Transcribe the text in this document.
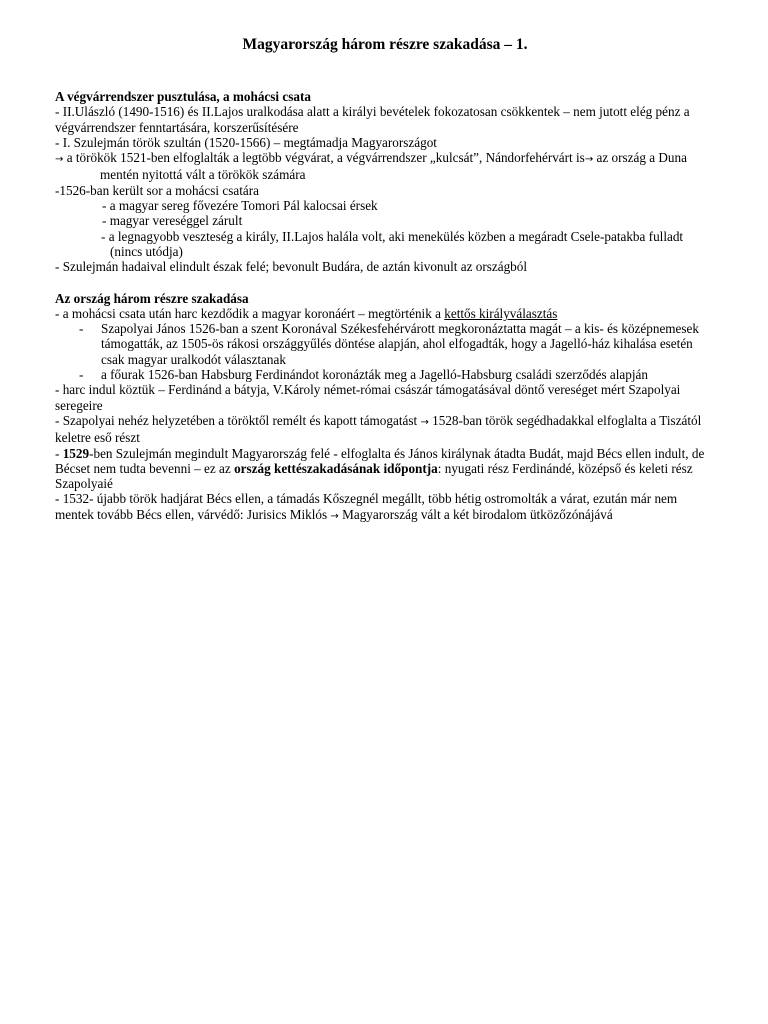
Magyarország három részre szakadása – 1.
A végvárrendszer pusztulása, a mohácsi csata

- II.Ulászló (1490-1516) és II.Lajos uralkodása alatt a királyi bevételek fokozatosan csökkentek – nem jutott elég pénz a végvárrendszer fenntartására, korszerűsítésére

- I. Szulejmán török szultán (1520-1566) – megtámadja Magyarországot

→ a törökök 1521-ben elfoglalták a legtöbb végvárat, a végvárrendszer „kulcsát”, Nándorfehérvárt is→ az ország a Duna mentén nyitottá vált a törökök számára

-1526-ban került sor a mohácsi csatára

- a magyar sereg fővezére Tomori Pál kalocsai érsek

- magyar vereséggel zárult

- a legnagyobb veszteség a király, II.Lajos halála volt, aki menekülés közben a megáradt Csele-patakba fulladt (nincs utódja)

- Szulejmán hadaival elindult észak felé; bevonult Budára, de aztán kivonult az országból

Az ország három részre szakadása

- a mohácsi csata után harc kezdődik a magyar koronáért – megtörténik a kettős királyválasztás

- Szapolyai János 1526-ban a szent Koronával Székesfehérvárott megkoronáztatta magát – a kis- és középnemesek támogatták, az 1505-ös rákosi országgyűlés döntése alapján, ahol elfogadták, hogy a Jagelló-ház kihalása esetén csak magyar uralkodót választanak
- a főurak 1526-ban Habsburg Ferdinándot koronázták meg a Jagelló-Habsburg családi szerződés alapján

- harc indul köztük – Ferdinánd a bátyja, V.Károly német-római császár támogatásával döntő vereséget mért Szapolyai seregeire

- Szapolyai nehéz helyzetében a töröktől remélt és kapott támogatást → 1528-ban török segédhadakkal elfoglalta a Tiszától keletre eső részt

- 1529-ben Szulejmán megindult Magyarország felé - elfoglalta és János királynak átadta Budát, majd Bécs ellen indult, de Bécset nem tudta bevenni – ez az ország kettészakadásának időpontja: nyugati rész Ferdinándé, középső és keleti rész Szapolyaié

- 1532- újabb török hadjárat Bécs ellen, a támadás Kőszegnél megállt, több hétig ostromolták a várat, ezután már nem mentek tovább Bécs ellen, várvédő: Jurisics Miklós → Magyarország vált a két birodalom ütközőzónájává
